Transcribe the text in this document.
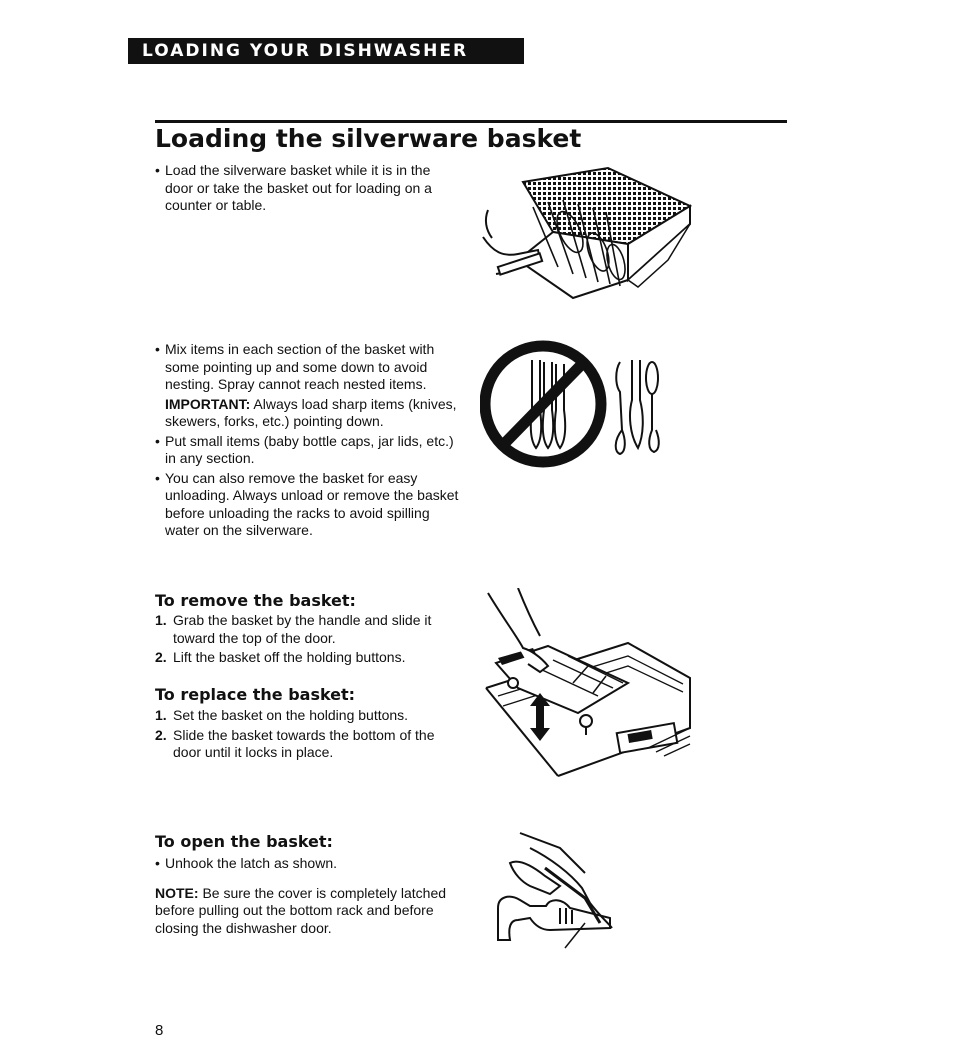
LOADING YOUR DISHWASHER
Loading the silverware basket

• Load the silverware basket while it is in the door or take the basket out for loading on a counter or table.

• Mix items in each section of the basket with some pointing up and some down to avoid nesting. Spray cannot reach nested items.

IMPORTANT: Always load sharp items (knives, skewers, forks, etc.) pointing down.

• Put small items (baby bottle caps, jar lids, etc.) in any section.

• You can also remove the basket for easy unloading. Always unload or remove the basket before unloading the racks to avoid spilling water on the silverware.

To remove the basket:

1. Grab the basket by the handle and slide it toward the top of the door.

2. Lift the basket off the holding buttons.

To replace the basket:

1. Set the basket on the holding buttons.

2. Slide the basket towards the bottom of the door until it locks in place.

To open the basket:

• Unhook the latch as shown.

NOTE: Be sure the cover is completely latched before pulling out the bottom rack and before closing the dishwasher door.

8
